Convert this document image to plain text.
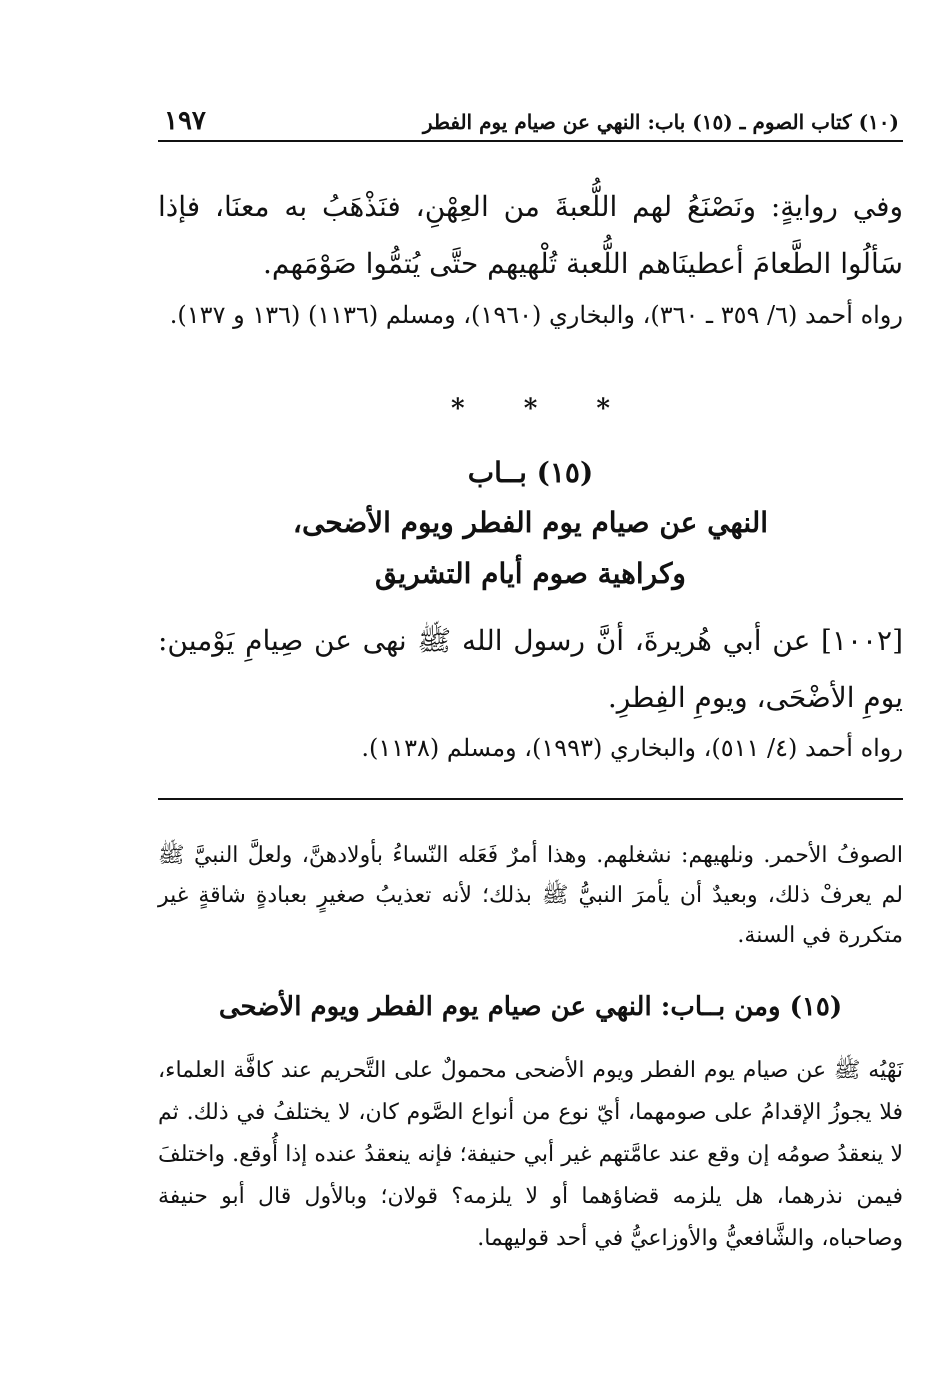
(١٠) كتاب الصوم ـ (١٥) باب: النهي عن صيام يوم الفطر
١٩٧
وفي روايةٍ: ونَصْنَعُ لهم اللُّعبةَ من العِهْنِ، فنَذْهَبُ به معنَا، فإذا سَألُوا الطَّعامَ أعطينَاهم اللُّعبة تُلْهيهم حتَّى يُتمُّوا صَوْمَهم.
رواه أحمد (٦/ ٣٥٩ ـ ٣٦٠)، والبخاري (١٩٦٠)، ومسلم (١١٣٦) (١٣٦ و ١٣٧).
* * *
(١٥) بــاب
النهي عن صيام يوم الفطر ويوم الأضحى،
وكراهية صوم أيام التشريق
[١٠٠٢] عن أبي هُريرةَ، أنَّ رسول الله ﷺ نهى عن صِيامِ يَوْمين: يومِ الأضْحَى، ويومِ الفِطرِ.
رواه أحمد (٤/ ٥١١)، والبخاري (١٩٩٣)، ومسلم (١١٣٨).
الصوفُ الأحمر. ونلهيهم: نشغلهم. وهذا أمرٌ فَعَله النّساءُ بأولادهنَّ، ولعلَّ النبيَّ ﷺ لم يعرفْ ذلك، وبعيدٌ أن يأمرَ النبيُّ ﷺ بذلك؛ لأنه تعذيبُ صغيرٍ بعبادةٍ شاقةٍ غير متكررة في السنة.
(١٥) ومن بــاب: النهي عن صيام يوم الفطر ويوم الأضحى
نَهْيُه ﷺ عن صيام يوم الفطر ويوم الأضحى محمولٌ على التَّحريم عند كافَّة العلماء، فلا يجوزُ الإقدامُ على صومهما، أيّ نوع من أنواع الصَّوم كان، لا يختلفُ في ذلك. ثم لا ينعقدُ صومُه إن وقع عند عامَّتهم غير أبي حنيفة؛ فإنه ينعقدُ عنده إذا أُوقع. واختلفَ فيمن نذرهما، هل يلزمه قضاؤهما أو لا يلزمه؟ قولان؛ وبالأول قال أبو حنيفة وصاحباه، والشَّافعيُّ والأوزاعيُّ في أحد قوليهما.
